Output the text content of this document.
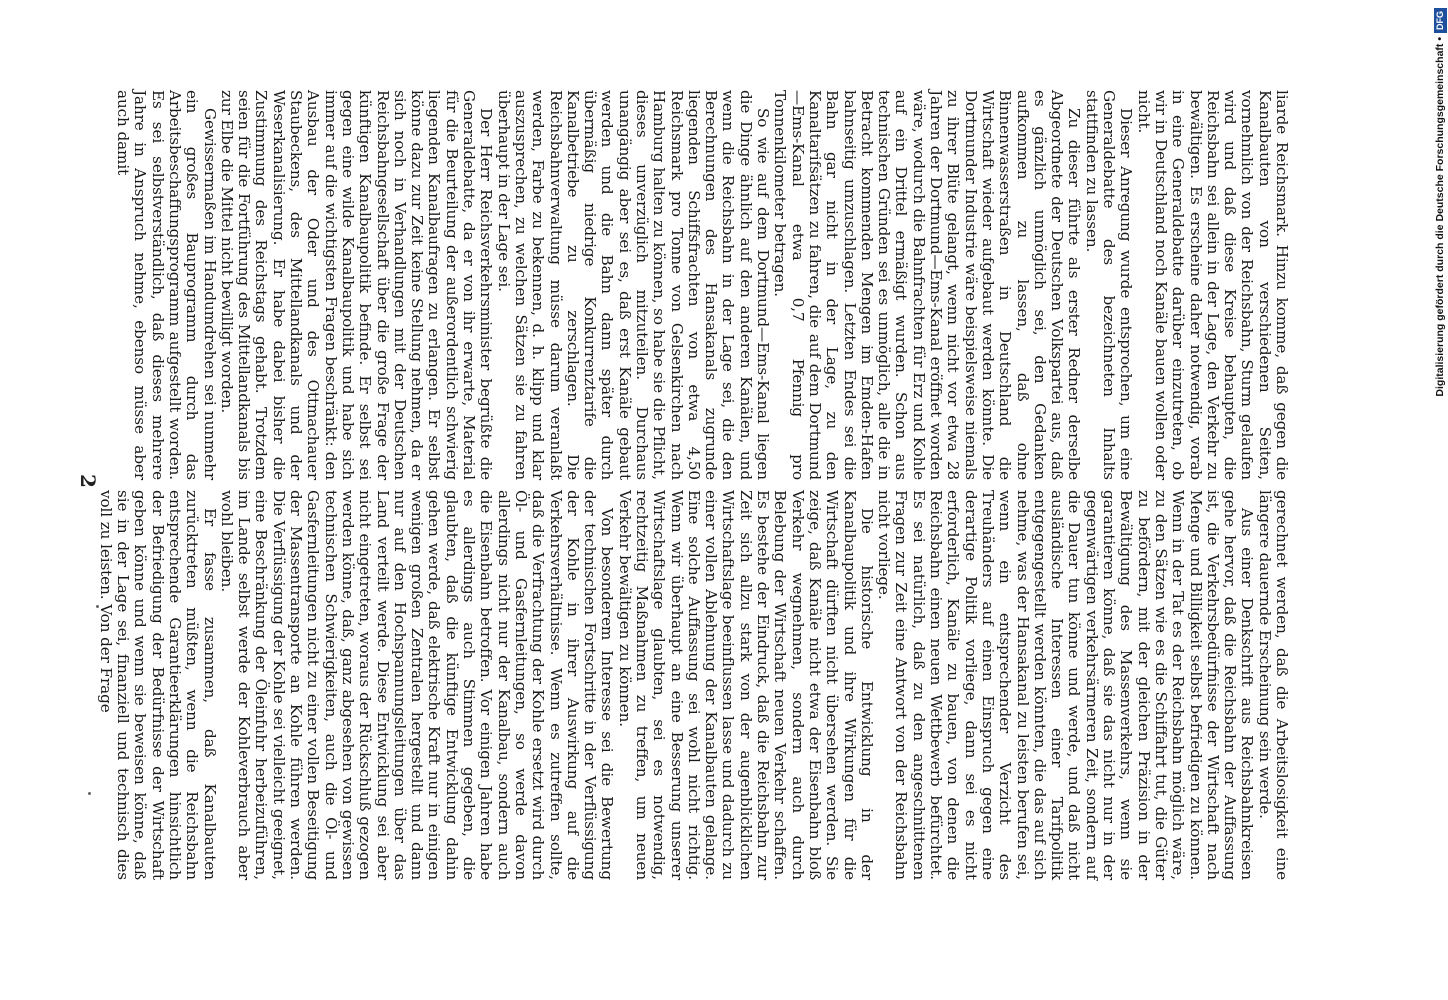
2

liarde Reichsmark. Hinzu komme, daß gegen die Kanalbauten von verschiedenen Seiten, vornehmlich von der Reichsbahn, Sturm gelaufen wird und daß diese Kreise behaupten, die Reichsbahn sei allein in der Lage, den Verkehr zu bewältigen. Es erscheine daher notwendig, vorab in eine Generaldebatte darüber einzutreten, ob wir in Deutschland noch Kanäle bauen wollen oder nicht.

Dieser Anregung wurde entsprochen, um eine Generaldebatte des bezeichneten Inhalts stattfinden zu lassen.

Zu dieser führte als erster Redner derselbe Abgeordnete der Deutschen Volkspartei aus, daß es gänzlich unmöglich sei, den Gedanken aufkommen zu lassen, daß ohne Binnenwasserstraßen in Deutschland die Wirtschaft wieder aufgebaut werden könnte. Die Dortmunder Industrie wäre beispielsweise niemals zu ihrer Blüte gelangt, wenn nicht vor etwa 28 Jahren der Dortmund—Ems-Kanal eröffnet worden wäre, wodurch die Bahnfrachten für Erz und Kohle auf ein Drittel ermäßigt wurden. Schon aus technischen Gründen sei es unmöglich, alle die in Betracht kommenden Mengen im Emden-Hafen bahnseitig umzuschlagen. Letzten Endes sei die Bahn gar nicht in der Lage, zu den Kanaltarifsätzen zu fahren, die auf dem Dortmund—Ems-Kanal etwa 0,7 Pfennig pro Tonnenkilometer betragen.

So wie auf dem Dortmund—Ems-Kanal liegen die Dinge ähnlich auf den anderen Kanälen, und wenn die Reichsbahn in der Lage sei, die den Berechnungen des Hansakanals zugrunde liegenden Schiffsfrachten von etwa 4,50 Reichsmark pro Tonne von Gelsenkirchen nach Hamburg halten zu können, so habe sie die Pflicht, dieses unverzüglich mitzuteilen. Durchaus unangängig aber sei es, daß erst Kanäle gebaut werden und die Bahn dann später durch übermäßig niedrige Konkurrenztarife die Kanalbetriebe zu zerschlagen. Die Reichsbahnverwaltung müsse darum veranlaßt werden, Farbe zu bekennen, d. h. klipp und klar auszusprechen, zu welchen Sätzen sie zu fahren überhaupt in der Lage sei.

Der Herr Reichsverkehrsminister begrüßte die Generaldebatte, da er von ihr erwarte, Material für die Beurteilung der außerordentlich schwierig liegenden Kanalbaufragen zu erlangen. Er selbst könne dazu zur Zeit keine Stellung nehmen, da er sich noch in Verhandlungen mit der Deutschen Reichsbahngesellschaft über die große Frage der künftigen Kanalbaupolitik befinde. Er selbst sei gegen eine wilde Kanalbaupolitik und habe sich immer auf die wichtigsten Fragen beschränkt: den Ausbau der Oder und des Ottmachauer Staubeckens, des Mittellandkanals und der Weserkanalisierung. Er habe dabei bisher die Zustimmung des Reichstags gehabt. Trotzdem seien für die Fortführung des Mittellandkanals bis zur Elbe die Mittel nicht bewilligt worden.

Gewissermaßen im Handumdrehen sei nunmehr ein großes Bauprogramm durch das Arbeitsbeschaffungsprogramm aufgestellt worden. Es sei selbstverständlich, daß dieses mehrere Jahre in Anspruch nehme, ebenso müsse aber auch damit

gerechnet werden, daß die Arbeitslosigkeit eine längere dauernde Erscheinung sein werde.

Aus einer Denkschrift aus Reichsbahnkreisen gehe hervor, daß die Reichsbahn der Auffassung ist, die Verkehrsbedürfnisse der Wirtschaft nach Menge und Billigkeit selbst befriedigen zu können. Wenn in der Tat es der Reichsbahn möglich wäre, zu den Sätzen wie es die Schiffahrt tut, die Güter zu befördern, mit der gleichen Präzision in der Bewältigung des Massenverkehrs, wenn sie garantieren könne, daß sie das nicht nur in der gegenwärtigen verkehrsärmeren Zeit, sondern auf die Dauer tun könne und werde, und daß nicht ausländische Interessen einer Tarifpolitik entgegengestellt werden könnten, die das auf sich nehme, was der Hansakanal zu leisten berufen sei, wenn ein entsprechender Verzicht des Treuhänders auf einen Einspruch gegen eine derartige Politik vorliege, dann sei es nicht erforderlich, Kanäle zu bauen, von denen die Reichsbahn einen neuen Wettbewerb befürchtet. Es sei natürlich, daß zu den angeschnittenen Fragen zur Zeit eine Antwort von der Reichsbahn nicht vorliege.

Die historische Entwicklung in der Kanalbaupolitik und ihre Wirkungen für die Wirtschaft dürften nicht übersehen werden. Sie zeige, daß Kanäle nicht etwa der Eisenbahn bloß Verkehr wegnehmen, sondern auch durch Belebung der Wirtschaft neuen Verkehr schaffen. Es bestehe der Eindruck, daß die Reichsbahn zur Zeit sich allzu stark von der augenblicklichen Wirtschaftslage beeinflussen lasse und dadurch zu einer vollen Ablehnung der Kanalbauten gelange. Eine solche Auffassung sei wohl nicht richtig. Wenn wir überhaupt an eine Besserung unserer Wirtschaftslage glaubten, sei es notwendig, rechtzeitig Maßnahmen zu treffen, um neuen Verkehr bewältigen zu können.

Von besonderem Interesse sei die Bewertung der technischen Fortschritte in der Verflüssigung der Kohle in ihrer Auswirkung auf die Verkehrsverhältnisse. Wenn es zutreffen sollte, daß die Verfrachtung der Kohle ersetzt wird durch Öl- und Gasfernleitungen, so werde davon allerdings nicht nur der Kanalbau, sondern auch die Eisenbahn betroffen. Vor einigen Jahren habe es allerdings auch Stimmen gegeben, die glaubten, daß die künftige Entwicklung dahin gehen werde, daß elektrische Kraft nur in einigen wenigen großen Zentralen hergestellt und dann nur auf den Hochspannungsleitungen über das Land verteilt werde. Diese Entwicklung sei aber nicht eingetreten, woraus der Rückschluß gezogen werden könne, daß, ganz abgesehen von gewissen technischen Schwierigkeiten, auch die Öl- und Gasfernleitungen nicht zu einer vollen Beseitigung der Massentransporte an Kohle führen werden. Die Verflüssigung der Kohle sei vielleicht geeignet, eine Beschränkung der Öleinfuhr herbeizuführen, im Lande selbst werde der Kohleverbrauch aber wohl bleiben.

Er fasse zusammen, daß Kanalbauten zurücktreten müßten, wenn die Reichsbahn entsprechende Garantieerklärungen hinsichtlich der Befriedigung der Bedürfnisse der Wirtschaft geben könne und wenn sie beweisen könne, daß sie in der Lage sei, finanziell und technisch dies voll zu leisten. Von der Frage

Digitalisierung gefördert durch die Deutsche Forschungsgemeinschaft •
DFG
